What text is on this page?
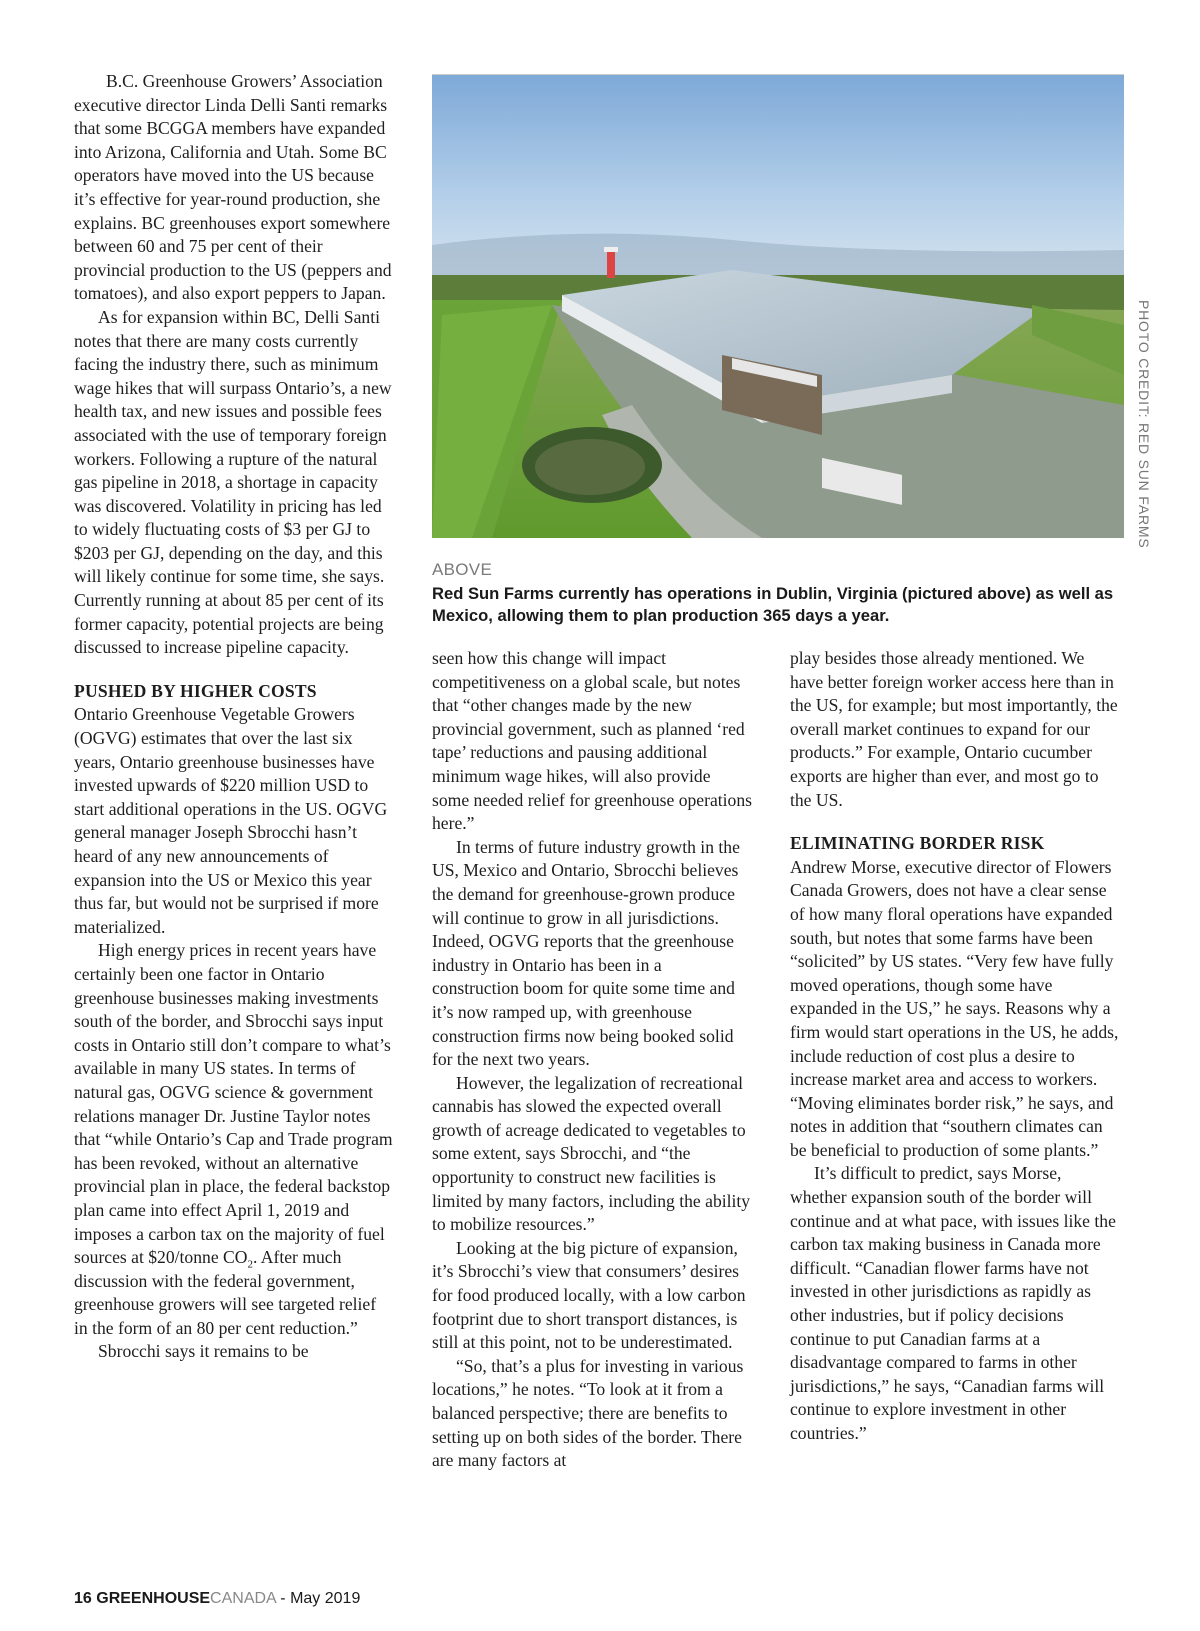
B.C. Greenhouse Growers’ Association executive director Linda Delli Santi remarks that some BCGGA members have expanded into Arizona, California and Utah. Some BC operators have moved into the US because it’s effective for year-round production, she explains. BC greenhouses export somewhere between 60 and 75 per cent of their provincial production to the US (peppers and tomatoes), and also export peppers to Japan.

As for expansion within BC, Delli Santi notes that there are many costs currently facing the industry there, such as minimum wage hikes that will surpass Ontario’s, a new health tax, and new issues and possible fees associated with the use of temporary foreign workers. Following a rupture of the natural gas pipeline in 2018, a shortage in capacity was discovered. Volatility in pricing has led to widely fluctuating costs of $3 per GJ to $203 per GJ, depending on the day, and this will likely continue for some time, she says. Currently running at about 85 per cent of its former capacity, potential projects are being discussed to increase pipeline capacity.

PUSHED BY HIGHER COSTS

Ontario Greenhouse Vegetable Growers (OGVG) estimates that over the last six years, Ontario greenhouse businesses have invested upwards of $220 million USD to start additional operations in the US. OGVG general manager Joseph Sbrocchi hasn’t heard of any new announcements of expansion into the US or Mexico this year thus far, but would not be surprised if more materialized.

High energy prices in recent years have certainly been one factor in Ontario greenhouse businesses making investments south of the border, and Sbrocchi says input costs in Ontario still don’t compare to what’s available in many US states. In terms of natural gas, OGVG science & government relations manager Dr. Justine Taylor notes that “while Ontario’s Cap and Trade program has been revoked, without an alternative provincial plan in place, the federal backstop plan came into effect April 1, 2019 and imposes a carbon tax on the majority of fuel sources at $20/tonne $CO_2$. After much discussion with the federal government, greenhouse growers will see targeted relief in the form of an 80 per cent reduction.”

Sbrocchi says it remains to be

PHOTO CREDIT: RED SUN FARMS
ABOVE
Red Sun Farms currently has operations in Dublin, Virginia (pictured above) as well as Mexico, allowing them to plan production 365 days a year.

seen how this change will impact competitiveness on a global scale, but notes that “other changes made by the new provincial government, such as planned ‘red tape’ reductions and pausing additional minimum wage hikes, will also provide some needed relief for greenhouse operations here.”

In terms of future industry growth in the US, Mexico and Ontario, Sbrocchi believes the demand for greenhouse-grown produce will continue to grow in all jurisdictions. Indeed, OGVG reports that the greenhouse industry in Ontario has been in a construction boom for quite some time and it’s now ramped up, with greenhouse construction firms now being booked solid for the next two years.

However, the legalization of recreational cannabis has slowed the expected overall growth of acreage dedicated to vegetables to some extent, says Sbrocchi, and “the opportunity to construct new facilities is limited by many factors, including the ability to mobilize resources.”

Looking at the big picture of expansion, it’s Sbrocchi’s view that consumers’ desires for food produced locally, with a low carbon footprint due to short transport distances, is still at this point, not to be underestimated.

“So, that’s a plus for investing in various locations,” he notes. “To look at it from a balanced perspective; there are benefits to setting up on both sides of the border. There are many factors at

play besides those already mentioned. We have better foreign worker access here than in the US, for example; but most importantly, the overall market continues to expand for our products.” For example, Ontario cucumber exports are higher than ever, and most go to the US.

ELIMINATING BORDER RISK

Andrew Morse, executive director of Flowers Canada Growers, does not have a clear sense of how many floral operations have expanded south, but notes that some farms have been “solicited” by US states. “Very few have fully moved operations, though some have expanded in the US,” he says. Reasons why a firm would start operations in the US, he adds, include reduction of cost plus a desire to increase market area and access to workers. “Moving eliminates border risk,” he says, and notes in addition that “southern climates can be beneficial to production of some plants.”

It’s difficult to predict, says Morse, whether expansion south of the border will continue and at what pace, with issues like the carbon tax making business in Canada more difficult. “Canadian flower farms have not invested in other jurisdictions as rapidly as other industries, but if policy decisions continue to put Canadian farms at a disadvantage compared to farms in other jurisdictions,” he says, “Canadian farms will continue to explore investment in other countries.”

16 GREENHOUSECANADA - May 2019
